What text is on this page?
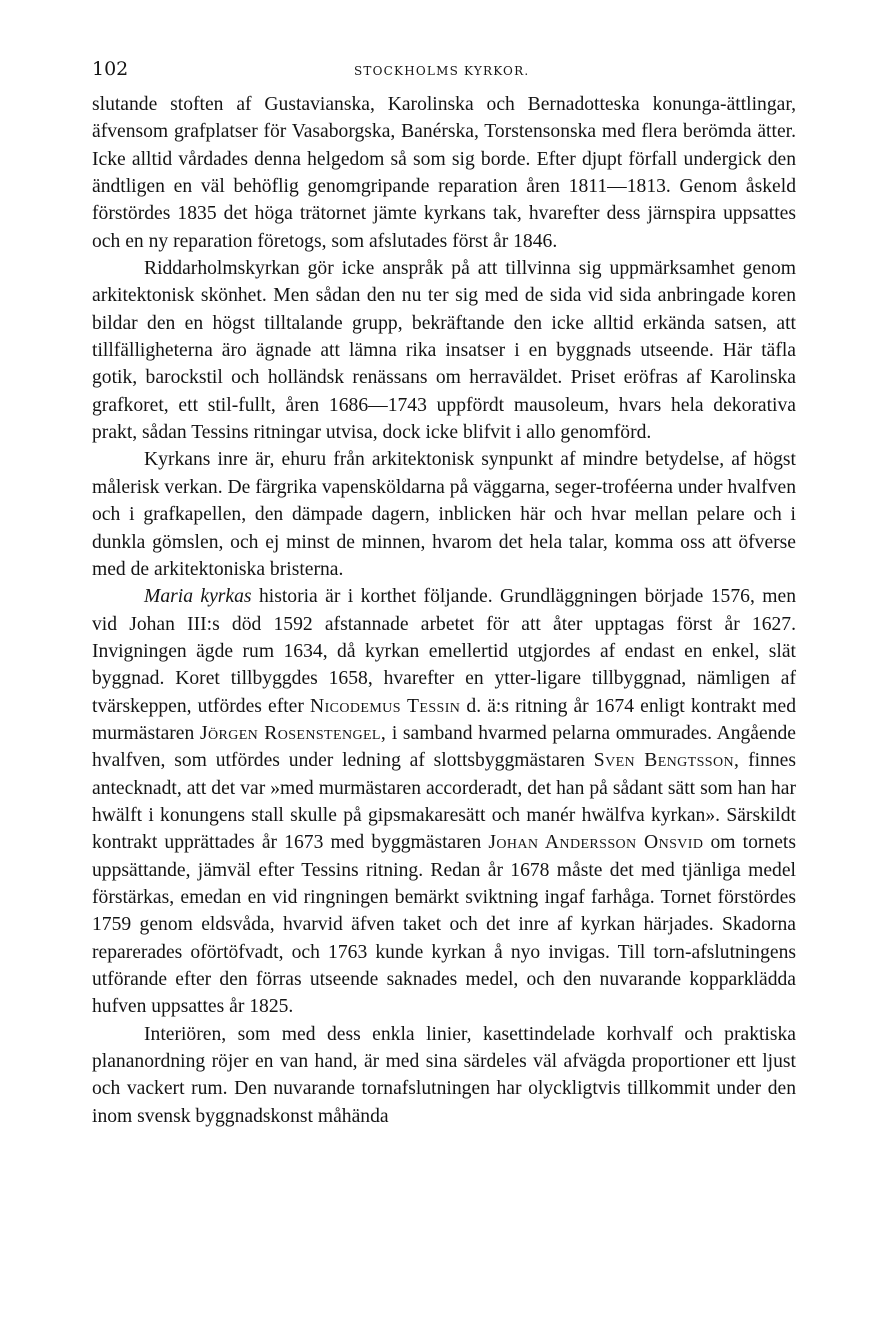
102	STOCKHOLMS KYRKOR.

slutande stoften af Gustavianska, Karolinska och Bernadotteska konunga-ättlingar, äfvensom grafplatser för Vasaborgska, Banérska, Torstensonska med flera berömda ätter. Icke alltid vårdades denna helgedom så som sig borde. Efter djupt förfall undergick den ändtligen en väl behöflig genomgripande reparation åren 1811—1813. Genom åskeld förstördes 1835 det höga trätornet jämte kyrkans tak, hvarefter dess järnspira uppsattes och en ny reparation företogs, som afslutades först år 1846.

Riddarholmskyrkan gör icke anspråk på att tillvinna sig uppmärksamhet genom arkitektonisk skönhet. Men sådan den nu ter sig med de sida vid sida anbringade koren bildar den en högst tilltalande grupp, bekräftande den icke alltid erkända satsen, att tillfälligheterna äro ägnade att lämna rika insatser i en byggnads utseende. Här täfla gotik, barockstil och holländsk renässans om herraväldet. Priset eröfras af Karolinska grafkoret, ett stil-fullt, åren 1686—1743 uppfördt mausoleum, hvars hela dekorativa prakt, sådan Tessins ritningar utvisa, dock icke blifvit i allo genomförd.

Kyrkans inre är, ehuru från arkitektonisk synpunkt af mindre betydelse, af högst målerisk verkan. De färgrika vapensköldarna på väggarna, seger-troféerna under hvalfven och i grafkapellen, den dämpade dagern, inblicken här och hvar mellan pelare och i dunkla gömslen, och ej minst de minnen, hvarom det hela talar, komma oss att öfverse med de arkitektoniska bristerna.

Maria kyrkas historia är i korthet följande. Grundläggningen började 1576, men vid Johan III:s död 1592 afstannade arbetet för att åter upptagas först år 1627. Invigningen ägde rum 1634, då kyrkan emellertid utgjordes af endast en enkel, slät byggnad. Koret tillbyggdes 1658, hvarefter en ytter-ligare tillbyggnad, nämligen af tvärskeppen, utfördes efter Nicodemus Tessin d. ä:s ritning år 1674 enligt kontrakt med murmästaren Jörgen Rosenstengel, i samband hvarmed pelarna ommurades. Angående hvalfven, som utfördes under ledning af slottsbyggmästaren Sven Bengtsson, finnes antecknadt, att det var »med murmästaren accorderadt, det han på sådant sätt som han har hwälft i konungens stall skulle på gipsmakaresätt och manér hwälfva kyrkan». Särskildt kontrakt upprättades år 1673 med byggmästaren Johan Andersson Onsvid om tornets uppsättande, jämväl efter Tessins ritning. Redan år 1678 måste det med tjänliga medel förstärkas, emedan en vid ringningen bemärkt sviktning ingaf farhåga. Tornet förstördes 1759 genom eldsvåda, hvarvid äfven taket och det inre af kyrkan härjades. Skadorna reparerades oförtöfvadt, och 1763 kunde kyrkan å nyo invigas. Till torn-afslutningens utförande efter den förras utseende saknades medel, och den nuvarande kopparklädda hufven uppsattes år 1825.

Interiören, som med dess enkla linier, kasettindelade korhvalf och praktiska plananordning röjer en van hand, är med sina särdeles väl afvägda proportioner ett ljust och vackert rum. Den nuvarande tornafslutningen har olyckligtvis tillkommit under den inom svensk byggnadskonst måhända
